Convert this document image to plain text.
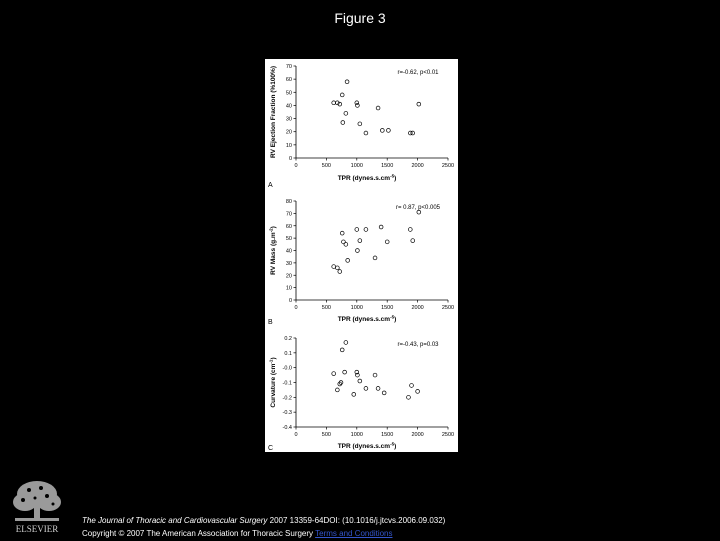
Figure 3
0	500	1000	1500	2000	2500
0
10
20
30
40
50
60
70
r=-0.62, p<0.01
TPR $(dynes.s.cm^{-5})$
RV Ejection Fraction (%100%)
A
0	500	1000	1500	2000	2500
0
10
20
30
40
50
60
70
80
r= 0.87, p<0.005
TPR $(dynes.s.cm^{-5})$
RV Mass $(g.m^{-2})$
B
0	500	1000	1500	2000	2500
0.2
0.1
-0.0
-0.1
-0.2
-0.3
-0.4
r=-0.43, p=0.03
TPR $(dynes.s.cm^{-5})$
Curvature $(cm^{-1})$
C
ELSEVIER
The Journal of Thoracic and Cardiovascular Surgery 2007 13359-64DOI: (10.1016/j.jtcvs.2006.09.032)
Copyright © 2007 The American Association for Thoracic Surgery Terms and Conditions
